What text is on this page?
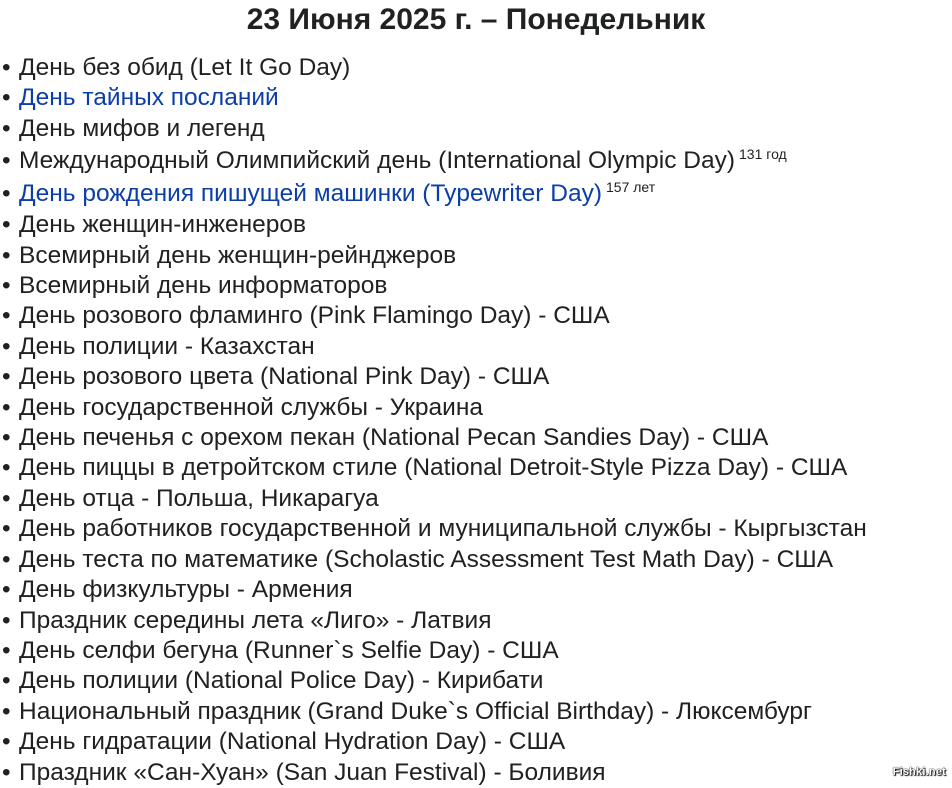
23 Июня 2025 г. – Понедельник
• День без обид (Let It Go Day)
• День тайных посланий
• День мифов и легенд
• Международный Олимпийский день (International Olympic Day) $^{131 год}$
• День рождения пишущей машинки (Typewriter Day) $^{157 лет}$
• День женщин-инженеров
• Всемирный день женщин-рейнджеров
• Всемирный день информаторов
• День розового фламинго (Pink Flamingo Day) - США
• День полиции - Казахстан
• День розового цвета (National Pink Day) - США
• День государственной службы - Украина
• День печенья с орехом пекан (National Pecan Sandies Day) - США
• День пиццы в детройтском стиле (National Detroit-Style Pizza Day) - США
• День отца - Польша, Никарагуа
• День работников государственной и муниципальной службы - Кыргызстан
• День теста по математике (Scholastic Assessment Test Math Day) - США
• День физкультуры - Армения
• Праздник середины лета «Лиго» - Латвия
• День селфи бегуна (Runner`s Selfie Day) - США
• День полиции (National Police Day) - Кирибати
• Национальный праздник (Grand Duke`s Official Birthday) - Люксембург
• День гидратации (National Hydration Day) - США
• Праздник «Сан-Хуан» (San Juan Festival) - Боливия	Fishki.net
